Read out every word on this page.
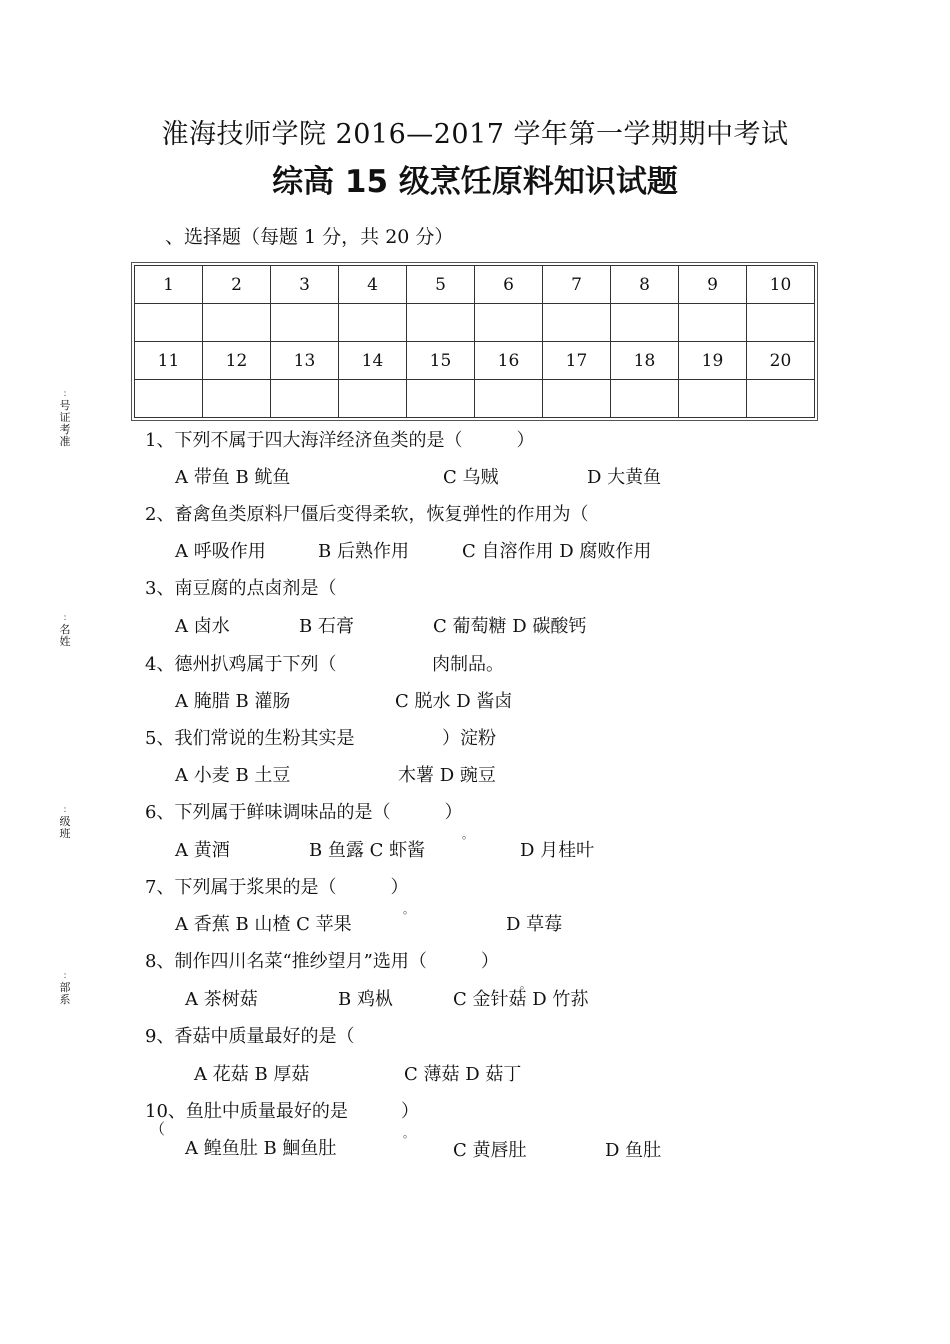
淮海技师学院 2016—2017 学年第一学期期中考试
综高 15 级烹饪原料知识试题
、选择题（每题 1 分，共 20 分）
1	2	3	4	5	6	7	8	9	10

11	12	13	14	15	16	17	18	19	20

:
号证考准
:
名姓
:
级班
:
部系
1、下列不属于四大海洋经济鱼类的是（　　　）
A 带鱼 B 鱿鱼	C 乌贼	D 大黄鱼
2、畜禽鱼类原料尸僵后变得柔软，恢复弹性的作用为（
A 呼吸作用	B 后熟作用	C 自溶作用 D 腐败作用
3、南豆腐的点卤剂是（
A 卤水	B 石膏	C 葡萄糖 D 碳酸钙
4、德州扒鸡属于下列（	肉制品。
A 腌腊 B 灌肠	C 脱水 D 酱卤
5、我们常说的生粉其实是	）淀粉
A 小麦 B 土豆	木薯 D 豌豆
6、下列属于鲜味调味品的是（　　　）
。
A 黄酒	B 鱼露 C 虾酱	D 月桂叶
7、下列属于浆果的是（　　　）
。
A 香蕉 B 山楂 C 苹果	D 草莓
8、制作四川名菜“推纱望月”选用（　　　）
。
A 茶树菇	B 鸡枞	C 金针菇 D 竹荪
9、香菇中质量最好的是（
A 花菇 B 厚菇	C 薄菇 D 菇丁
10、鱼肚中质量最好的是	）
（	。
A 鳇鱼肚 B 鮰鱼肚	C 黄唇肚	D 鱼肚
